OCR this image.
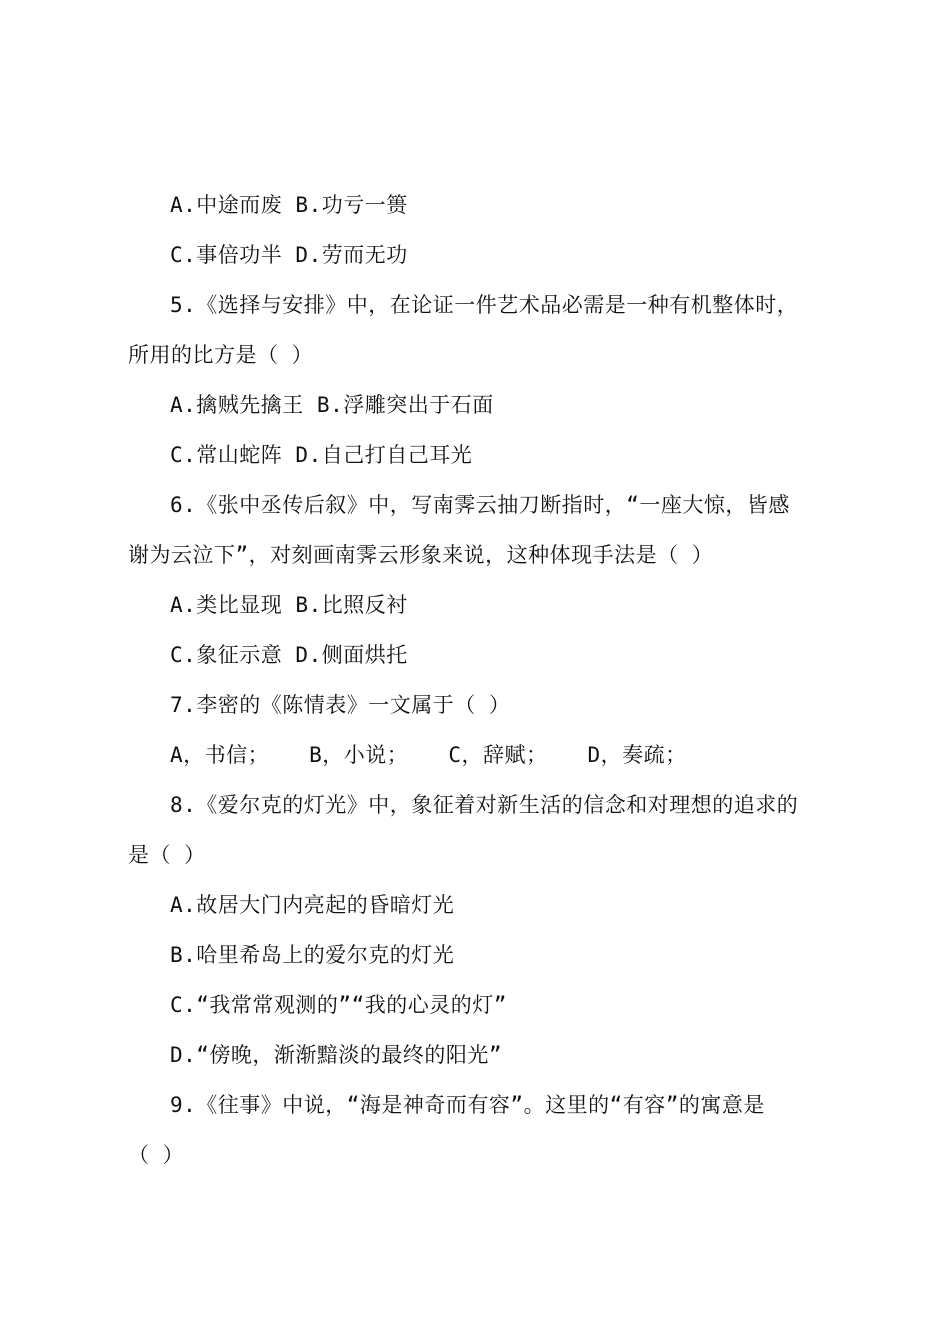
A.中途而废 B.功亏一篑
C.事倍功半 D.劳而无功
5.《选择与安排》中，在论证一件艺术品必需是一种有机整体时，
所用的比方是（ ）
A.擒贼先擒王 B.浮雕突出于石面
C.常山蛇阵 D.自己打自己耳光
6.《张中丞传后叙》中，写南霁云抽刀断指时，“一座大惊，皆感
谢为云泣下”，对刻画南霁云形象来说，这种体现手法是（ ）
A.类比显现 B.比照反衬
C.象征示意 D.侧面烘托
7.李密的《陈情表》一文属于（ ）
A，书信； B，小说； C，辞赋； D，奏疏；
8.《爱尔克的灯光》中，象征着对新生活的信念和对理想的追求的
是（ ）
A.故居大门内亮起的昏暗灯光
B.哈里希岛上的爱尔克的灯光
C.“我常常观测的”“我的心灵的灯”
D.“傍晚，渐渐黯淡的最终的阳光”
9.《往事》中说，“海是神奇而有容”。这里的“有容”的寓意是
（ ）
